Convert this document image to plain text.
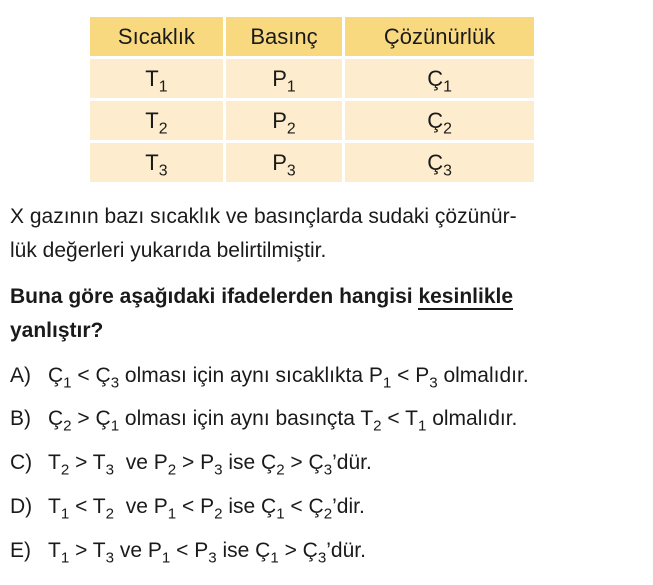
Sıcaklık	Basınç	Çözünürlük
$T_1$	$P_1$	$Ç_1$
$T_2$	$P_2$	$Ç_2$
$T_3$	$P_3$	$Ç_3$

X gazının bazı sıcaklık ve basınçlarda sudaki çözünür-
lük değerleri yukarıda belirtilmiştir.

Buna göre aşağıdaki ifadelerden hangisi kesinlikle
yanlıştır?

A) $Ç_1$ < $Ç_3$ olması için aynı sıcaklıkta $P_1 < P_3$ olmalıdır.

B) $Ç_2$ > $Ç_1$ olması için aynı basınçta $T_2 < T_1$ olmalıdır.

C) $T_2 > T_3$  ve $P_2 > P_3$ ise $Ç_2$ > $Ç_3’dür$.

D) $T_1 < T_2$  ve $P_1 < P_2$ ise $Ç_1$ < $Ç_2’dir$.

E) $T_1 > T_3$ ve $P_1 < P_3$ ise $Ç_1$ > $Ç_3’dür$.
